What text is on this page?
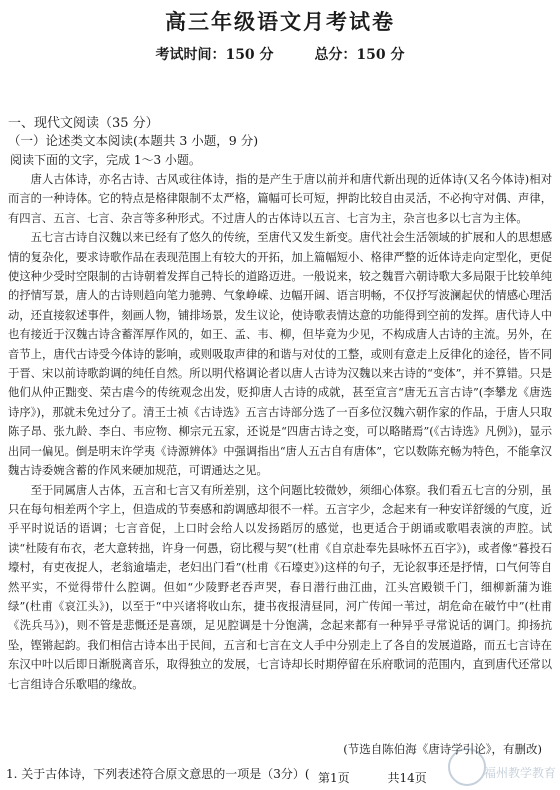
高三年级语文月考试卷
考试时间：150 分	总分：150 分
一、现代文阅读（35 分）
（一）论述类文本阅读(本题共 3 小题，9 分)
阅读下面的文字，完成 1～3 小题。

唐人古体诗，亦名古诗、古风或往体诗，指的是产生于唐以前并和唐代新出现的近体诗(又名今体诗)相对而言的一种诗体。它的特点是格律限制不太严格，篇幅可长可短，押韵比较自由灵活，不必拘守对偶、声律，有四言、五言、七言、杂言等多种形式。不过唐人的古体诗以五言、七言为主，杂言也多以七言为主体。

五七言古诗自汉魏以来已经有了悠久的传统，至唐代又发生新变。唐代社会生活领域的扩展和人的思想感情的复杂化，要求诗歌作品在表现范围上有较大的开拓，加上篇幅短小、格律严整的近体诗走向定型化，更促使这种少受时空限制的古诗朝着发挥自己特长的道路迈进。一般说来，较之魏晋六朝诗歌大多局限于比较单纯的抒情写景，唐人的古诗则趋向笔力驰骋、气象峥嵘、边幅开阔、语言明畅，不仅抒写波澜起伏的情感心理活动，还直接叙述事件，刻画人物，铺排场景，发生议论，使诗歌表情达意的功能得到空前的发挥。唐代诗人中也有接近于汉魏古诗含蓄浑厚作风的，如王、孟、韦、柳，但毕竟为少见，不构成唐人古诗的主流。另外，在音节上，唐代古诗受今体诗的影响，或则吸取声律的和谐与对仗的工整，或则有意走上反律化的途径，皆不同于晋、宋以前诗歌韵调的纯任自然。所以明代格调论者以唐人古诗为汉魏以来古诗的“变体”，并不算错。只是他们从仲正黜变、荣古虐今的传统观念出发，贬抑唐人古诗的成就，甚至宣言“唐无五言古诗”(李攀龙《唐选诗序》)，那就未免过分了。清王士祯《古诗选》五言古诗部分选了一百多位汉魏六朝作家的作品，于唐人只取陈子昂、张九龄、李白、韦应物、柳宗元五家，还说是“四唐古诗之变，可以略睹焉”(《古诗选》凡例》)，显示出同一偏见。倒是明末许学夷《诗源辨体》中强调指出“唐人五古自有唐体”，它以数陈充畅为特色，不能拿汉魏古诗委婉含蓄的作风来硬加规范，可谓通达之见。

至于同属唐人古体，五言和七言又有所差别，这个问题比较微妙，须细心体察。我们看五七言的分别，虽只在每句相差两个字上，但造成的节奏感和韵调感却很不一样。五言字少，念起来有一种安详舒缓的气度，近乎平时说话的语调；七言音促，上口时会给人以发扬蹈厉的感觉，也更适合于朗诵或歌唱表演的声腔。试读“杜陵有布衣，老大意转拙，许身一何愚，窃比稷与契”(杜甫《自京赴奉先县咏怀五百字》)，或者像“暮投石壕村，有吏夜捉人，老翁逾墙走，老妇出门看”(杜甫《石壕吏》)这样的句子，无论叙事还是抒情，口气何等自然平实，不觉得带什么腔调。但如“少陵野老吞声哭，春日潜行曲江曲，江头宫殿锁千门，细柳新蒲为谁绿”(杜甫《哀江头》)，以至于“中兴诸将收山东，捷书夜报清昼同，河广传闻一苇过，胡危命在破竹中”(杜甫《洗兵马》)，则不管是悲慨还是喜颂，足见腔调是十分饱满，念起来都有一种异乎寻常说话的调门。抑扬抗坠，铿锵起韵。我们相信古诗本出于民间，五言和七言在文人手中分别走上了各自的发展道路，而五七言诗在东汉中叶以后即日渐脱离音乐，取得独立的发展，七言诗却长时期停留在乐府歌词的范围内，直到唐代还常以七言组诗合乐歌唱的缘故。

(节选自陈伯海《唐诗学引论》，有删改)
1. 关于古体诗，下列表述符合原文意思的一项是（3分）( 第1页	共14页	福州教学教育
